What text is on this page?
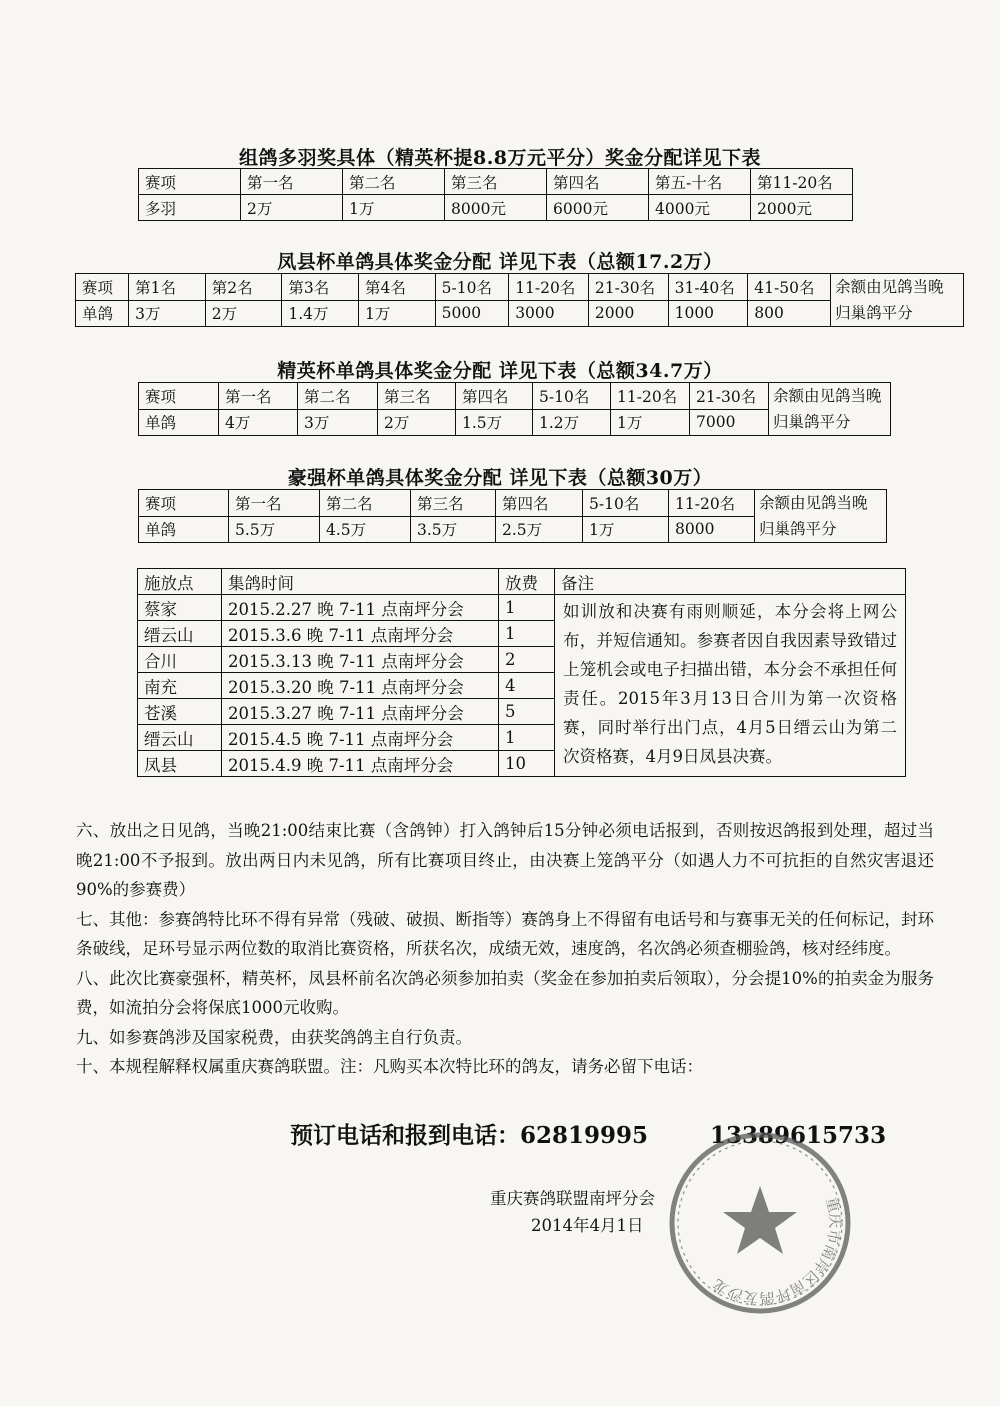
组鸽多羽奖具体（精英杯提8.8万元平分）奖金分配详见下表
赛项	第一名	第二名	第三名	第四名	第五-十名	第11-20名
多羽	2万	1万	8000元	6000元	4000元	2000元
凤县杯单鸽具体奖金分配 详见下表（总额17.2万）
赛项	第1名	第2名	第3名	第4名	5-10名	11-20名	21-30名	31-40名	41-50名	余额由见鸽当晚归巢鸽平分
单鸽	3万	2万	1.4万	1万	5000	3000	2000	1000	800	
精英杯单鸽具体奖金分配 详见下表（总额34.7万）
赛项	第一名	第二名	第三名	第四名	5-10名	11-20名	21-30名	余额由见鸽当晚归巢鸽平分
单鸽	4万	3万	2万	1.5万	1.2万	1万	7000	
豪强杯单鸽具体奖金分配 详见下表（总额30万）
赛项	第一名	第二名	第三名	第四名	5-10名	11-20名	余额由见鸽当晚归巢鸽平分
单鸽	5.5万	4.5万	3.5万	2.5万	1万	8000	
施放点	集鸽时间	放费	备注
蔡家	2015.2.27 晚 7-11 点南坪分会	1	如训放和决赛有雨则顺延，本分会将上网公布，并短信通知。参赛者因自我因素导致错过上笼机会或电子扫描出错，本分会不承担任何责任。2015年3月13日合川为第一次资格赛，同时举行出门点，4月5日缙云山为第二次资格赛，4月9日凤县决赛。
缙云山	2015.3.6 晚 7-11 点南坪分会	1	
合川	2015.3.13 晚 7-11 点南坪分会	2	
南充	2015.3.20 晚 7-11 点南坪分会	4	
苍溪	2015.3.27 晚 7-11 点南坪分会	5	
缙云山	2015.4.5 晚 7-11 点南坪分会	1	
凤县	2015.4.9 晚 7-11 点南坪分会	10	

六、放出之日见鸽，当晚21:00结束比赛（含鸽钟）打入鸽钟后15分钟必须电话报到，否则按迟鸽报到处理，超过当晚21:00不予报到。放出两日内未见鸽，所有比赛项目终止，由决赛上笼鸽平分（如遇人力不可抗拒的自然灾害退还90%的参赛费）

七、其他：参赛鸽特比环不得有异常（残破、破损、断指等）赛鸽身上不得留有电话号和与赛事无关的任何标记，封环条破线，足环号显示两位数的取消比赛资格，所获名次，成绩无效，速度鸽，名次鸽必须查棚验鸽，核对经纬度。

八、此次比赛豪强杯，精英杯，凤县杯前名次鸽必须参加拍卖（奖金在参加拍卖后领取），分会提10%的拍卖金为服务费，如流拍分会将保底1000元收购。

九、如参赛鸽涉及国家税费，由获奖鸽鸽主自行负责。

十、本规程解释权属重庆赛鸽联盟。注：凡购买本次特比环的鸽友，请务必留下电话：

预订电话和报到电话：62819995	13389615733
重庆市南岸区南坪鸽友沙龙
重庆赛鸽联盟南坪分会
2014年4月1日
